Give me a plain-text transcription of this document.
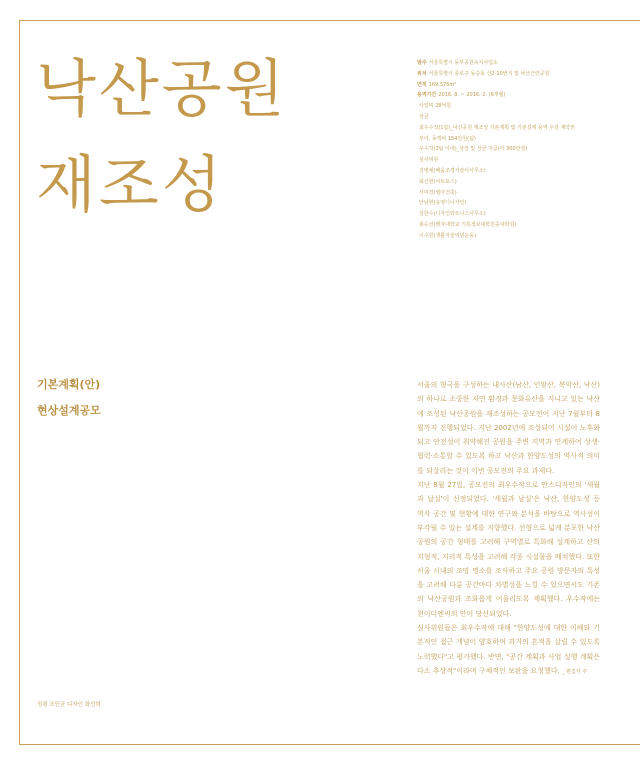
낙산공원
재조성
발주 서울특별시 동부공원녹지사업소
위치 서울특별시 종로구 동숭동 산2-10번지 및 낙산근린공원
면적 169,376m²
용역기간 2016. 8. ~ 2016. 2. (6개월)
사업비 28억원
상금
최우수작(1팀)_낙산공원 재조성 기본계획 및 기본설계 용역 우선 계약권
부여, 동액비 154만원(팀)
우수작(3팀 이내)_상장 및 상금 지급(각 300만원)
심사위원
김병채(배움조경기술사사무소)
최신현(씨토포스)
서미경(엠아건축)
안남현(유영디나자인)
김한수(디자인와트니스사무소)
홍승선(행자대학교 기록정보대학원중대학원)
이수원(생활자술역민운동)
기본계획(안)
현상설계공모

서울의 형국을 구성하는 내사산(남산, 인왕산, 북악산, 낙산) 의 하나로 소중한 자연 환경과 문화유산을 지니고 있는 낙산에 조성된 낙산공원을 재조성하는 공모전이 지난 7월부터 8월까지 진행되었다. 지난 2002년에 조성되어 시설이 노후화되고 안전성이 취약해진 공원을 주변 지역과 연계하여 상생·협력·소통할 수 있도록 하고 낙산과 한양도성의 역사적 의미를 되살리는 것이 이번 공모전의 주요 과제다.

지난 8월 27일, 공모전의 최우수작으로 안스디자인의 '세월과 날실'이 선정되었다. '세월과 날실'은 낙산, 한양도성 등 역사 공간 및 현황에 대한 연구와 분석을 바탕으로 역사성이 부각될 수 있는 설계를 지향했다. 선형으로 넓게 분포한 낙산공원의 공간 형태를 고려해 구역별로 특화해 설계하고 산의 지형적, 지리적 특성을 고려해 각종 시설물을 배치했다. 또한 서울 시내의 조망 명소를 조사하고 주요 공원 방문자의 특성을 고려해 다룬 공간마다 차별성을 느낄 수 있으면서도 기존의 낙산공원과 조화롭게 어울리도록 계획했다. 우수작에는 천이디엔씨의 안이 당선되었다.

심사위원들은 최우수작에 대해 "한양도성에 대한 이해와 기본적인 접근 개념이 양호하며 과거의 흔적을 살릴 수 있도록 노력했다"고 평가했다. 반면, "공간 계획과 사업 실행 계획은 다소 추상적"이라며 구체적인 보완을 요청했다. _ 편집자 주

정평 조민균 디자인 화선희
